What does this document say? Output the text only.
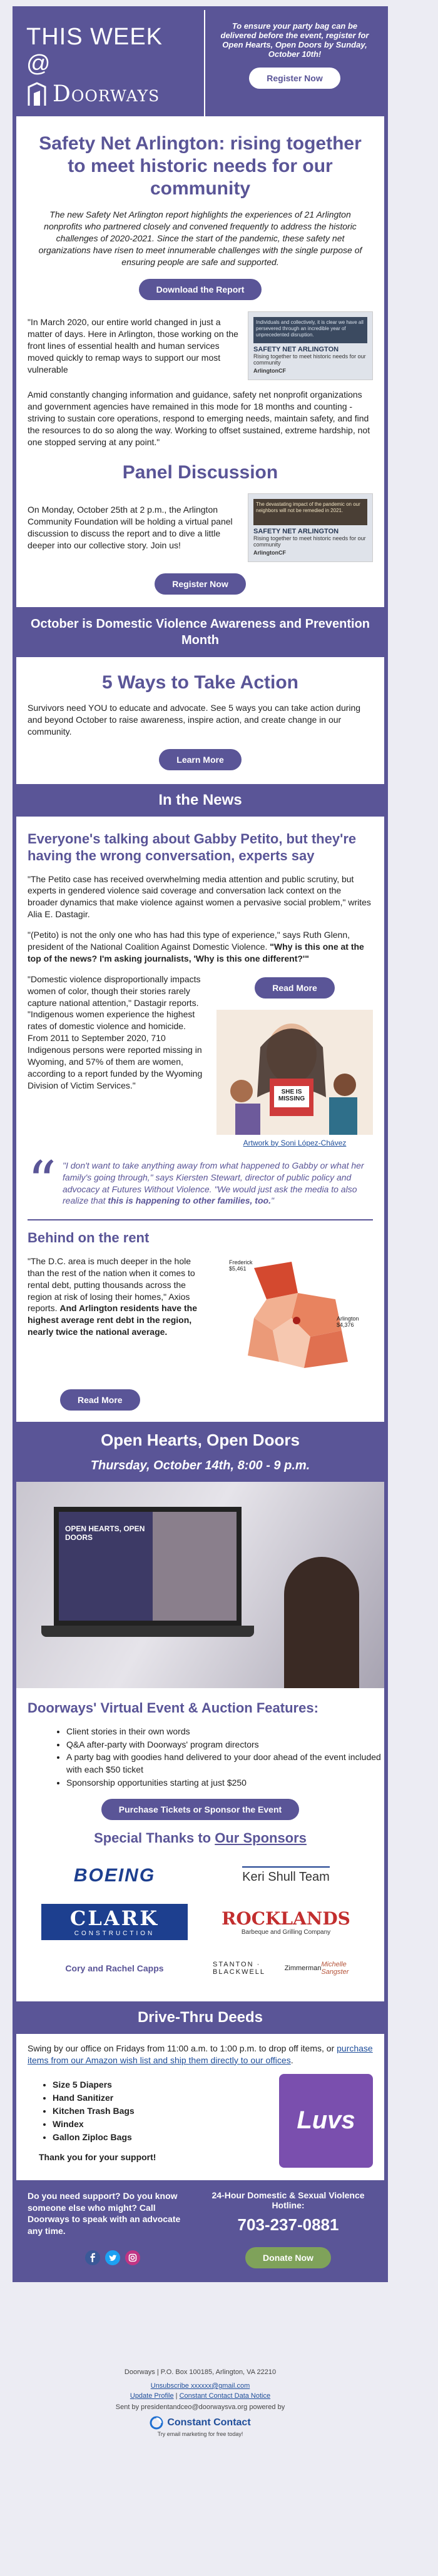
THIS WEEK @
Doorways
To ensure your party bag can be delivered before the event, register for Open Hearts, Open Doors by Sunday, October 10th!
Register Now
Safety Net Arlington: rising together to meet historic needs for our community

The new Safety Net Arlington report highlights the experiences of 21 Arlington nonprofits who partnered closely and convened frequently to address the historic challenges of 2020-2021. Since the start of the pandemic, these safety net organizations have risen to meet innumerable challenges with the single purpose of ensuring people are safe and supported.

Download the Report

"In March 2020, our entire world changed in just a matter of days. Here in Arlington, those working on the front lines of essential health and human services moved quickly to remap ways to support our most vulnerable

Individuals and collectively, it is clear we have all persevered through an incredible year of unprecedented disruption.
SAFETY NET ARLINGTON
Rising together to meet historic needs for our community
ArlingtonCF

Amid constantly changing information and guidance, safety net nonprofit organizations and government agencies have remained in this mode for 18 months and counting - striving to sustain core operations, respond to emerging needs, maintain safety, and find the resources to do so along the way. Working to offset sustained, extreme hardship, not one stopped serving at any point."

Panel Discussion

On Monday, October 25th at 2 p.m., the Arlington Community Foundation will be holding a virtual panel discussion to discuss the report and to dive a little deeper into our collective story. Join us!

The devastating impact of the pandemic on our neighbors will not be remedied in 2021.
SAFETY NET ARLINGTON
Rising together to meet historic needs for our community
ArlingtonCF
Register Now
October is Domestic Violence Awareness and Prevention Month
5 Ways to Take Action

Survivors need YOU to educate and advocate. See 5 ways you can take action during and beyond October to raise awareness, inspire action, and create change in our community.

Learn More
In the News
Everyone's talking about Gabby Petito, but they're having the wrong conversation, experts say

"The Petito case has received overwhelming media attention and public scrutiny, but experts in gendered violence said coverage and conversation lack context on the broader dynamics that make violence against women a pervasive social problem," writes Alia E. Dastagir.

"(Petito) is not the only one who has had this type of experience," says Ruth Glenn, president of the National Coalition Against Domestic Violence. "Why is this one at the top of the news? I'm asking journalists, 'Why is this one different?'"

"Domestic violence disproportionally impacts women of color, though their stories rarely capture national attention," Dastagir reports. "Indigenous women experience the highest rates of domestic violence and homicide. From 2011 to September 2020, 710 Indigenous persons were reported missing in Wyoming, and 57% of them are women, according to a report funded by the Wyoming Division of Victim Services."

Read More
SHE IS MISSING
Artwork by Soni López-Chávez
“ "I don't want to take anything away from what happened to Gabby or what her family's going through," says Kiersten Stewart, director of public policy and advocacy at Futures Without Violence. "We would just ask the media to also realize that this is happening to other families, too."

Behind on the rent

"The D.C. area is much deeper in the hole than the rest of the nation when it comes to rental debt, putting thousands across the region at risk of losing their homes," Axios reports. And Arlington residents have the highest average rent debt in the region, nearly twice the national average.

Frederick
$5,461
Arlington
$4,376
Read More
Open Hearts, Open Doors
Thursday, October 14th, 8:00 - 9 p.m.
OPEN HEARTS, OPEN DOORS
Doorways' Virtual Event & Auction Features:
• Client stories in their own words
• Q&A after-party with Doorways' program directors
• A party bag with goodies hand delivered to your door ahead of the event included with each $50 ticket
• Sponsorship opportunities starting at just $250
Purchase Tickets or Sponsor the Event
Special Thanks to Our Sponsors
BOEING	Keri Shull Team
CLARK
CONSTRUCTION
ROCKLANDS
Barbeque and Grilling Company
Cory and Rachel Capps	STANTON · BLACKWELL	Zimmerman Michelle Sangster
Drive-Thru Deeds

Swing by our office on Fridays from 11:00 a.m. to 1:00 p.m. to drop off items, or purchase items from our Amazon wish list and ship them directly to our offices.

• Size 5 Diapers
• Hand Sanitizer
• Kitchen Trash Bags
• Windex
• Gallon Ziploc Bags

Thank you for your support!

Luvs

Do you need support? Do you know someone else who might? Call Doorways to speak with an advocate any time.

24-Hour Domestic & Sexual Violence Hotline:
703-237-0881
Donate Now
Doorways | P.O. Box 100185, Arlington, VA 22210
Unsubscribe xxxxxx@gmail.com
Update Profile | Constant Contact Data Notice
Sent by presidentandceo@doorwaysva.org powered by
Constant Contact
Try email marketing for free today!
